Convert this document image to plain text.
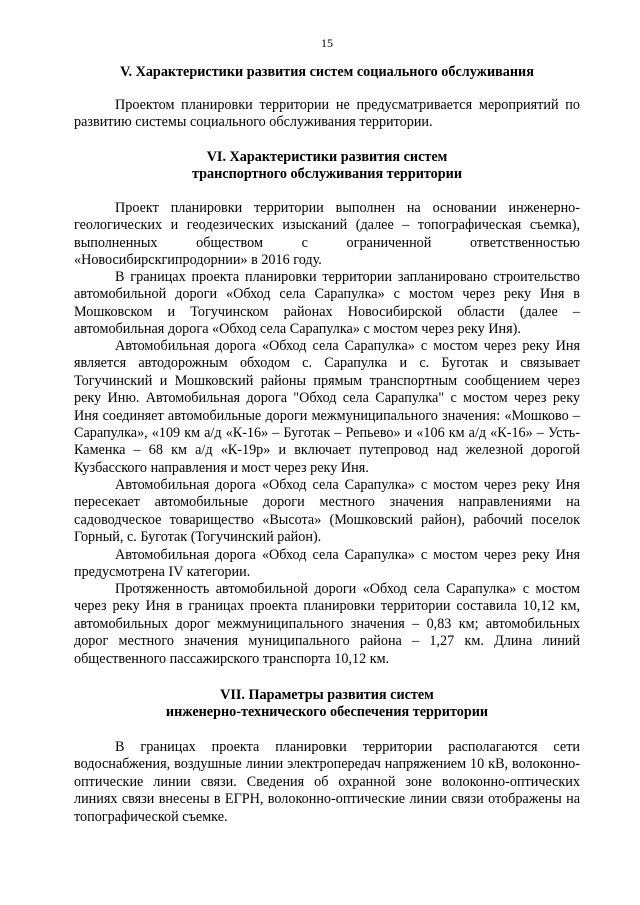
15
V. Характеристики развития систем социального обслуживания

Проектом планировки территории не предусматривается мероприятий по развитию системы социального обслуживания территории.

VI. Характеристики развития систем
транспортного обслуживания территории

Проект планировки территории выполнен на основании инженерно-геологических и геодезических изысканий (далее – топографическая съемка), выполненных обществом с ограниченной ответственностью «Новосибирскгипродорнии» в 2016 году.

В границах проекта планировки территории запланировано строительство автомобильной дороги «Обход села Сарапулка» с мостом через реку Иня в Мошковском и Тогучинском районах Новосибирской области (далее – автомобильная дорога «Обход села Сарапулка» с мостом через реку Иня).

Автомобильная дорога «Обход села Сарапулка» с мостом через реку Иня является автодорожным обходом с. Сарапулка и с. Буготак и связывает Тогучинский и Мошковский районы прямым транспортным сообщением через реку Иню. Автомобильная дорога "Обход села Сарапулка" с мостом через реку Иня соединяет автомобильные дороги межмуниципального значения: «Мошково – Сарапулка», «109 км а/д «К-16» – Буготак – Репьево» и «106 км а/д «К-16» – Усть-Каменка – 68 км а/д «К-19р» и включает путепровод над железной дорогой Кузбасского направления и мост через реку Иня.

Автомобильная дорога «Обход села Сарапулка» с мостом через реку Иня пересекает автомобильные дороги местного значения направлениями на садоводческое товарищество «Высота» (Мошковский район), рабочий поселок Горный, с. Буготак (Тогучинский район).

Автомобильная дорога «Обход села Сарапулка» с мостом через реку Иня предусмотрена IV категории.

Протяженность автомобильной дороги «Обход села Сарапулка» с мостом через реку Иня в границах проекта планировки территории составила 10,12 км, автомобильных дорог межмуниципального значения – 0,83 км; автомобильных дорог местного значения муниципального района – 1,27 км. Длина линий общественного пассажирского транспорта 10,12 км.

VII. Параметры развития систем
инженерно-технического обеспечения территории

В границах проекта планировки территории располагаются сети водоснабжения, воздушные линии электропередач напряжением 10 кВ, волоконно-оптические линии связи. Сведения об охранной зоне волоконно-оптических линиях связи внесены в ЕГРН, волоконно-оптические линии связи отображены на топографической съемке.
